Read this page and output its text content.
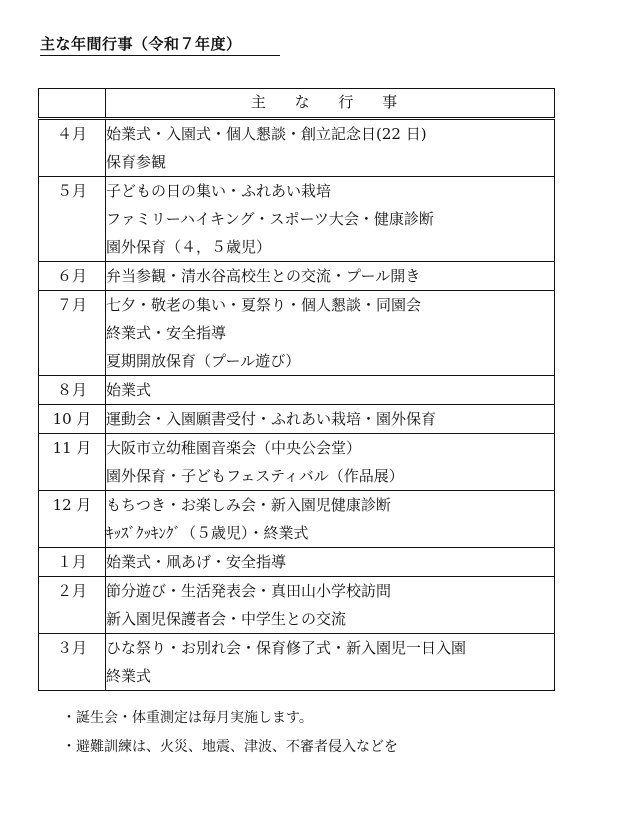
主な年間行事（令和７年度）
	主 な 行 事
４月	始業式・入園式・個人懇談・創立記念日(22 日)
保育参観

５月	子どもの日の集い・ふれあい栽培
ファミリーハイキング・スポーツ大会・健康診断
園外保育（４，５歳児）

６月	弁当参観・清水谷高校生との交流・プール開き

７月	七夕・敬老の集い・夏祭り・個人懇談・同園会
終業式・安全指導
夏期開放保育（プール遊び）

８月	始業式

10 月	運動会・入園願書受付・ふれあい栽培・園外保育

11 月	大阪市立幼稚園音楽会（中央公会堂）
園外保育・子どもフェスティバル（作品展）

12 月	もちつき・お楽しみ会・新入園児健康診断
ｷｯｽﾞｸｯｷﾝｸﾞ（５歳児）・終業式

１月	始業式・凧あげ・安全指導

２月	節分遊び・生活発表会・真田山小学校訪問
新入園児保護者会・中学生との交流

３月	ひな祭り・お別れ会・保育修了式・新入園児一日入園
終業式
・誕生会・体重測定は毎月実施します。
・避難訓練は、火災、地震、津波、不審者侵入などを
